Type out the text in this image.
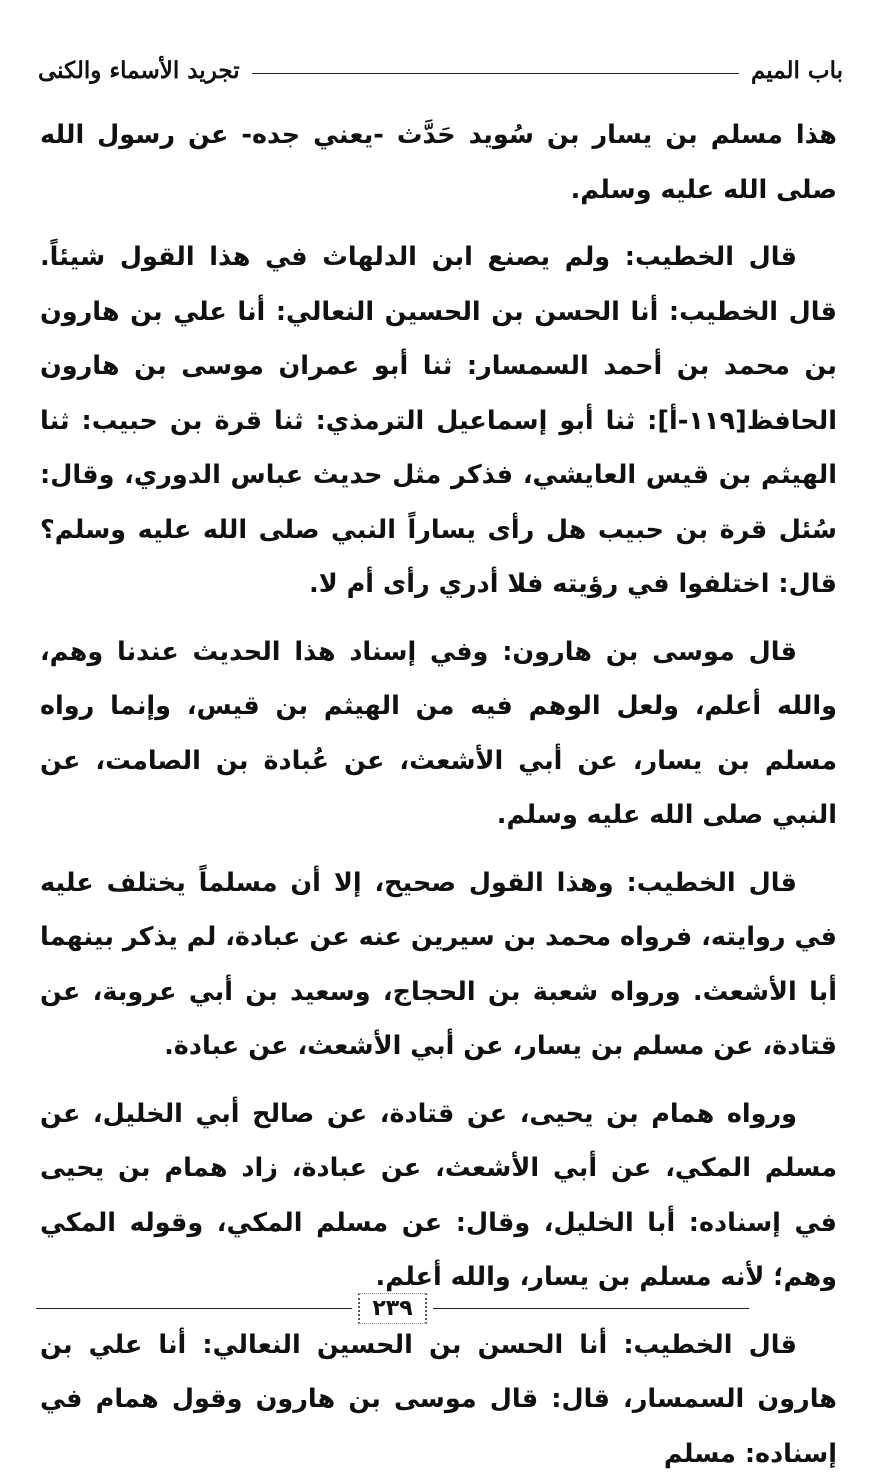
باب الميم
تجريد الأسماء والكنى

هذا مسلم بن يسار بن سُويد حَدَّث -يعني جده- عن رسول الله صلى الله عليه وسلم.

قال الخطيب: ولم يصنع ابن الدلهاث في هذا القول شيئاً. قال الخطيب: أنا الحسن بن الحسين النعالي: أنا علي بن هارون بن محمد بن أحمد السمسار: ثنا أبو عمران موسى بن هارون الحافظ[١١٩-أ]: ثنا أبو إسماعيل الترمذي: ثنا قرة بن حبيب: ثنا الهيثم بن قيس العايشي، فذكر مثل حديث عباس الدوري، وقال: سُئل قرة بن حبيب هل رأى يساراً النبي صلى الله عليه وسلم؟ قال: اختلفوا في رؤيته فلا أدري رأى أم لا.

قال موسى بن هارون: وفي إسناد هذا الحديث عندنا وهم، والله أعلم، ولعل الوهم فيه من الهيثم بن قيس، وإنما رواه مسلم بن يسار، عن أبي الأشعث، عن عُبادة بن الصامت، عن النبي صلى الله عليه وسلم.

قال الخطيب: وهذا القول صحيح، إلا أن مسلماً يختلف عليه في روايته، فرواه محمد بن سيرين عنه عن عبادة، لم يذكر بينهما أبا الأشعث. ورواه شعبة بن الحجاج، وسعيد بن أبي عروبة، عن قتادة، عن مسلم بن يسار، عن أبي الأشعث، عن عبادة.

ورواه همام بن يحيى، عن قتادة، عن صالح أبي الخليل، عن مسلم المكي، عن أبي الأشعث، عن عبادة، زاد همام بن يحيى في إسناده: أبا الخليل، وقال: عن مسلم المكي، وقوله المكي وهم؛ لأنه مسلم بن يسار، والله أعلم.

قال الخطيب: أنا الحسن بن الحسين النعالي: أنا علي بن هارون السمسار، قال: قال موسى بن هارون وقول همام في إسناده: مسلم

٢٣٩
